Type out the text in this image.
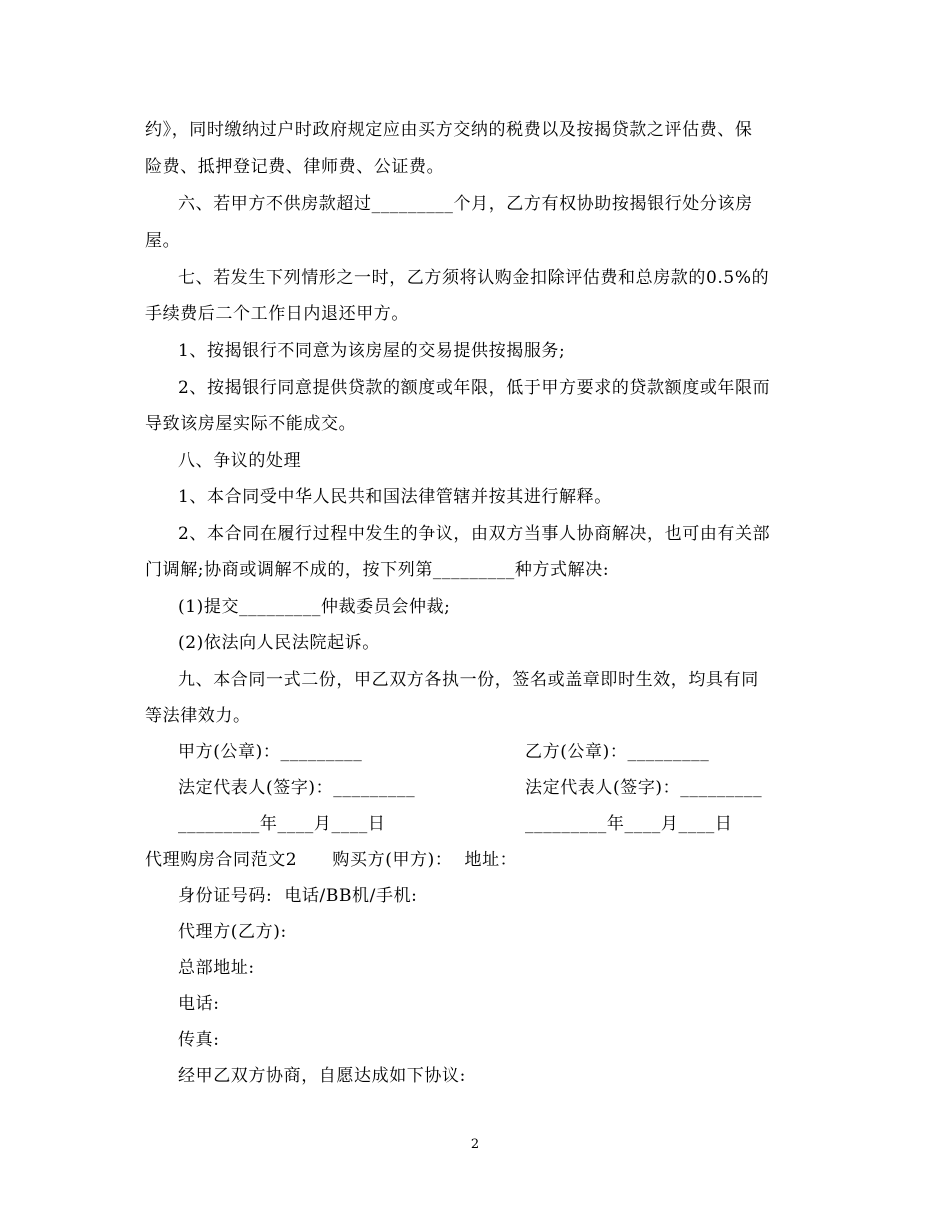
约》，同时缴纳过户时政府规定应由买方交纳的税费以及按揭贷款之评估费、保
险费、抵押登记费、律师费、公证费。
六、若甲方不供房款超过_________个月，乙方有权协助按揭银行处分该房
屋。
七、若发生下列情形之一时，乙方须将认购金扣除评估费和总房款的0.5%的
手续费后二个工作日内退还甲方。
1、按揭银行不同意为该房屋的交易提供按揭服务;
2、按揭银行同意提供贷款的额度或年限，低于甲方要求的贷款额度或年限而
导致该房屋实际不能成交。
八、争议的处理
1、本合同受中华人民共和国法律管辖并按其进行解释。
2、本合同在履行过程中发生的争议，由双方当事人协商解决，也可由有关部
门调解;协商或调解不成的，按下列第_________种方式解决:
(1)提交_________仲裁委员会仲裁;
(2)依法向人民法院起诉。
九、本合同一式二份，甲乙双方各执一份，签名或盖章即时生效，均具有同
等法律效力。
甲方(公章)：_________	乙方(公章)：_________
法定代表人(签字)：_________	法定代表人(签字)：_________
_________年____月____日	_________年____月____日
代理购房合同范文2　　购买方(甲方)：  地址：
身份证号码:  电话/BB机/手机:
代理方(乙方):
总部地址:
电话:
传真:
经甲乙双方协商，自愿达成如下协议:
2
